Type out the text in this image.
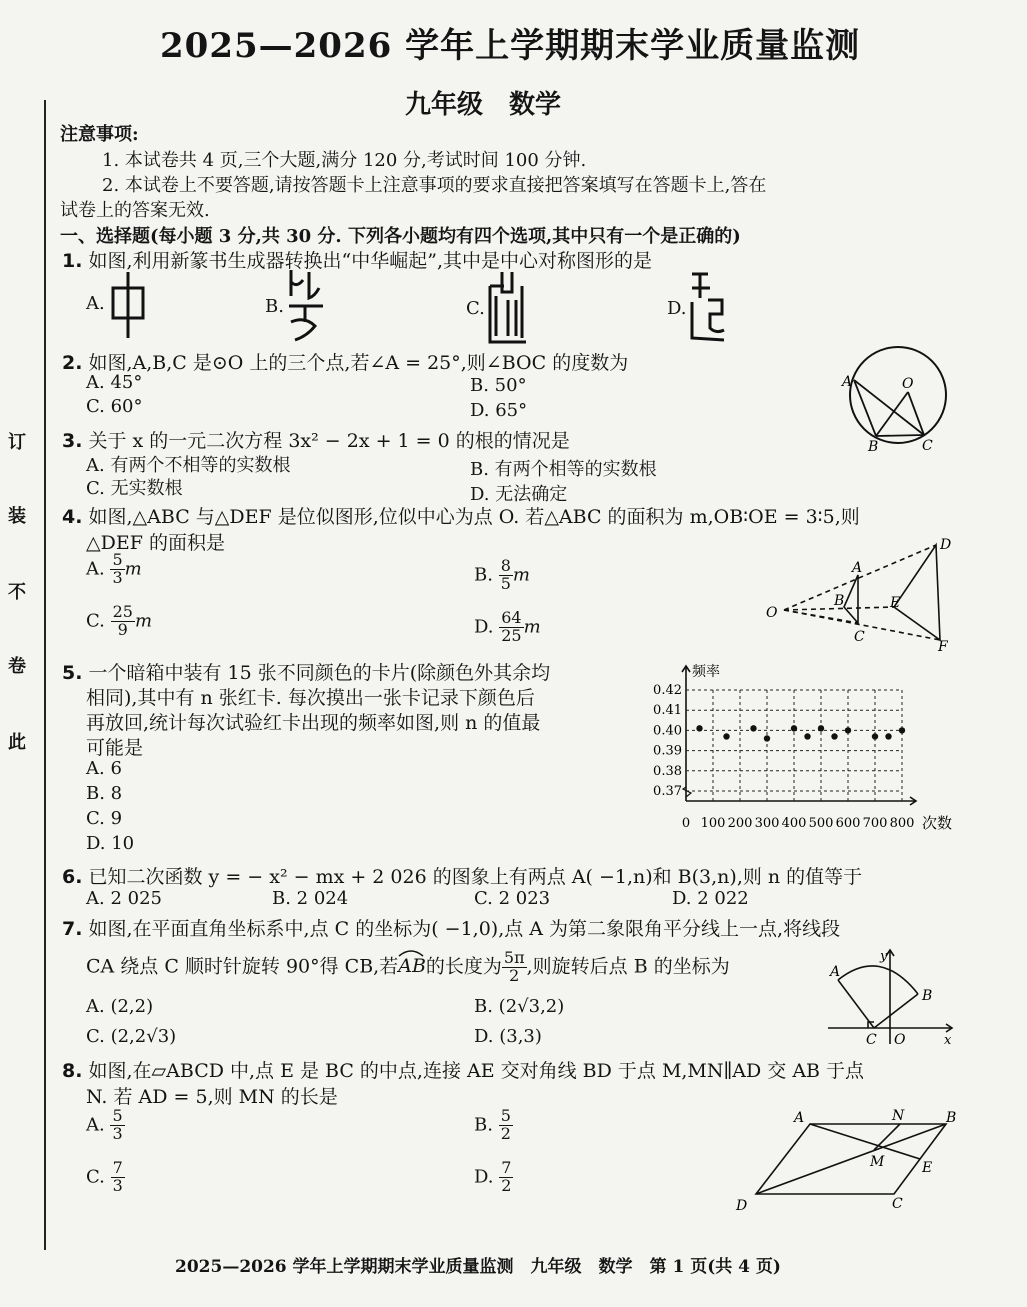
订
装
不
卷
此
2025—2026 学年上学期期末学业质量监测
九年级　数学
注意事项:
1. 本试卷共 4 页,三个大题,满分 120 分,考试时间 100 分钟.
2. 本试卷上不要答题,请按答题卡上注意事项的要求直接把答案填写在答题卡上,答在
试卷上的答案无效.
一、选择题(每小题 3 分,共 30 分. 下列各小题均有四个选项,其中只有一个是正确的)
1. 如图,利用新篆书生成器转换出“中华崛起”,其中是中心对称图形的是
A.	B.	C.	D.
2. 如图,A,B,C 是⊙O 上的三个点,若∠A = 25°,则∠BOC 的度数为
A. 45°	B. 50°
C. 60°	D. 65°
A	O
B	C
3. 关于 x 的一元二次方程 3x² − 2x + 1 = 0 的根的情况是
A. 有两个不相等的实数根	B. 有两个相等的实数根
C. 无实数根	D. 无法确定
4. 如图,△ABC 与△DEF 是位似图形,位似中心为点 O. 若△ABC 的面积为 m,OB∶OE = 3∶5,则
△DEF 的面积是
A. $\frac{5}{3}$ m	B. $\frac{8}{5}$ m
C. $\frac{25}{9}$ m	D. $\frac{64}{25}$ m
O
D
A
B	E
C
F
5. 一个暗箱中装有 15 张不同颜色的卡片(除颜色外其余均
相同),其中有 n 张红卡. 每次摸出一张卡记录下颜色后
再放回,统计每次试验红卡出现的频率如图,则 n 的值最
可能是
A. 6
B. 8
C. 9
D. 10
0.37
0.38
0.39
0.40
0.41
0.42
0 100 200 300 400 500 600 700 800
频率
次数
6. 已知二次函数 y = − x² − mx + 2 026 的图象上有两点 A( −1,n)和 B(3,n),则 n 的值等于
A. 2 025	B. 2 024	C. 2 023	D. 2 022
7. 如图,在平面直角坐标系中,点 C 的坐标为( −1,0),点 A 为第二象限角平分线上一点,将线段
CA 绕点 C 顺时针旋转 90°得 CB,若
AB的长度为 $\frac{5\pi}{2}$ ,则旋转后点 B 的坐标为
A. (2,2)	B. (2√3,2)
C. (2,2√3)	D. (3,3)
y
A
B
C O	x
8. 如图,在▱ABCD 中,点 E 是 BC 的中点,连接 AE 交对角线 BD 于点 M,MN∥AD 交 AB 于点
N. 若 AD = 5,则 MN 的长是
A. $\frac{5}{3}$	B. $\frac{5}{2}$
C. $\frac{7}{3}$	D. $\frac{7}{2}$
A	N	B
M	E
D	C
2025—2026 学年上学期期末学业质量监测　九年级　数学　第 1 页(共 4 页)
